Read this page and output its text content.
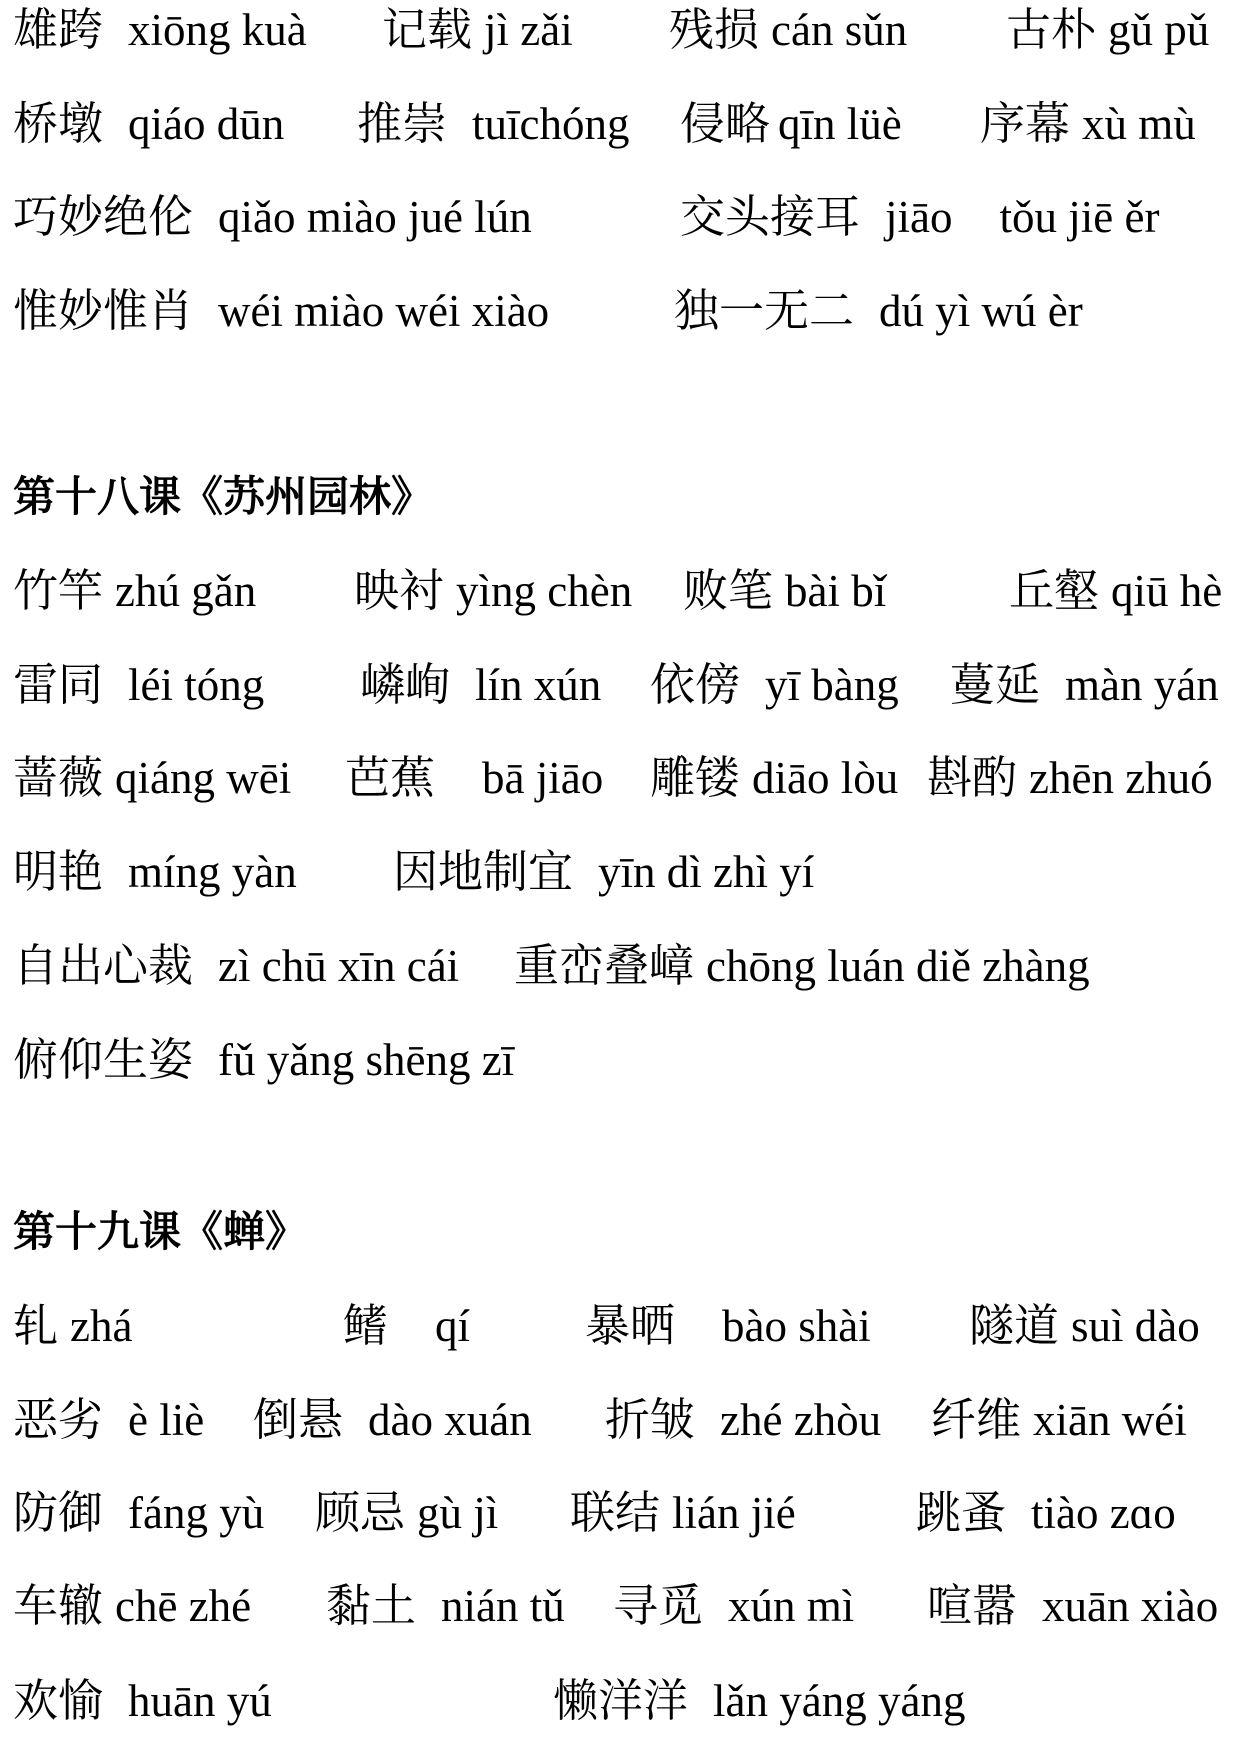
雄跨 xiōng kuà 记载 jì zǎi 残损 cán sǔn 古朴 gǔ pǔ
桥墩 qiáo dūn 推崇 tuīchóng 侵略 qīn lüè 序幕 xù mù
巧妙绝伦 qiǎo miào jué lún	交头接耳 jiāo tǒu jiē ěr
惟妙惟肖 wéi miào wéi xiào	独一无二 dú yì wú èr
第十八课《苏州园林》
竹竿 zhú gǎn 映衬 yìng chèn 败笔 bài bǐ	丘壑 qiū hè
雷同 léi tóng 嶙峋 lín xún 依傍 yī bàng 蔓延 màn yán
蔷薇 qiáng wēi 芭蕉 bā jiāo 雕镂 diāo lòu 斟酌 zhēn zhuó
明艳 míng yàn 因地制宜 yīn dì zhì yí
自出心裁 zì chū xīn cái 重峦叠嶂 chōng luán diě zhàng
俯仰生姿 fǔ yǎng shēng zī
第十九课《蝉》
轧 zhá	鳍 qí	暴晒 bào shài 隧道 suì dào
恶劣 è liè 倒悬 dào xuán 折皱 zhé zhòu 纤维 xiān wéi
防御 fáng yù 顾忌 gù jì 联结 lián jié	跳蚤 tiào zɑo
车辙 chē zhé 黏土 nián tǔ 寻觅 xún mì 喧嚣 xuān xiào
欢愉 huān yú	懒洋洋 lǎn yáng yáng
